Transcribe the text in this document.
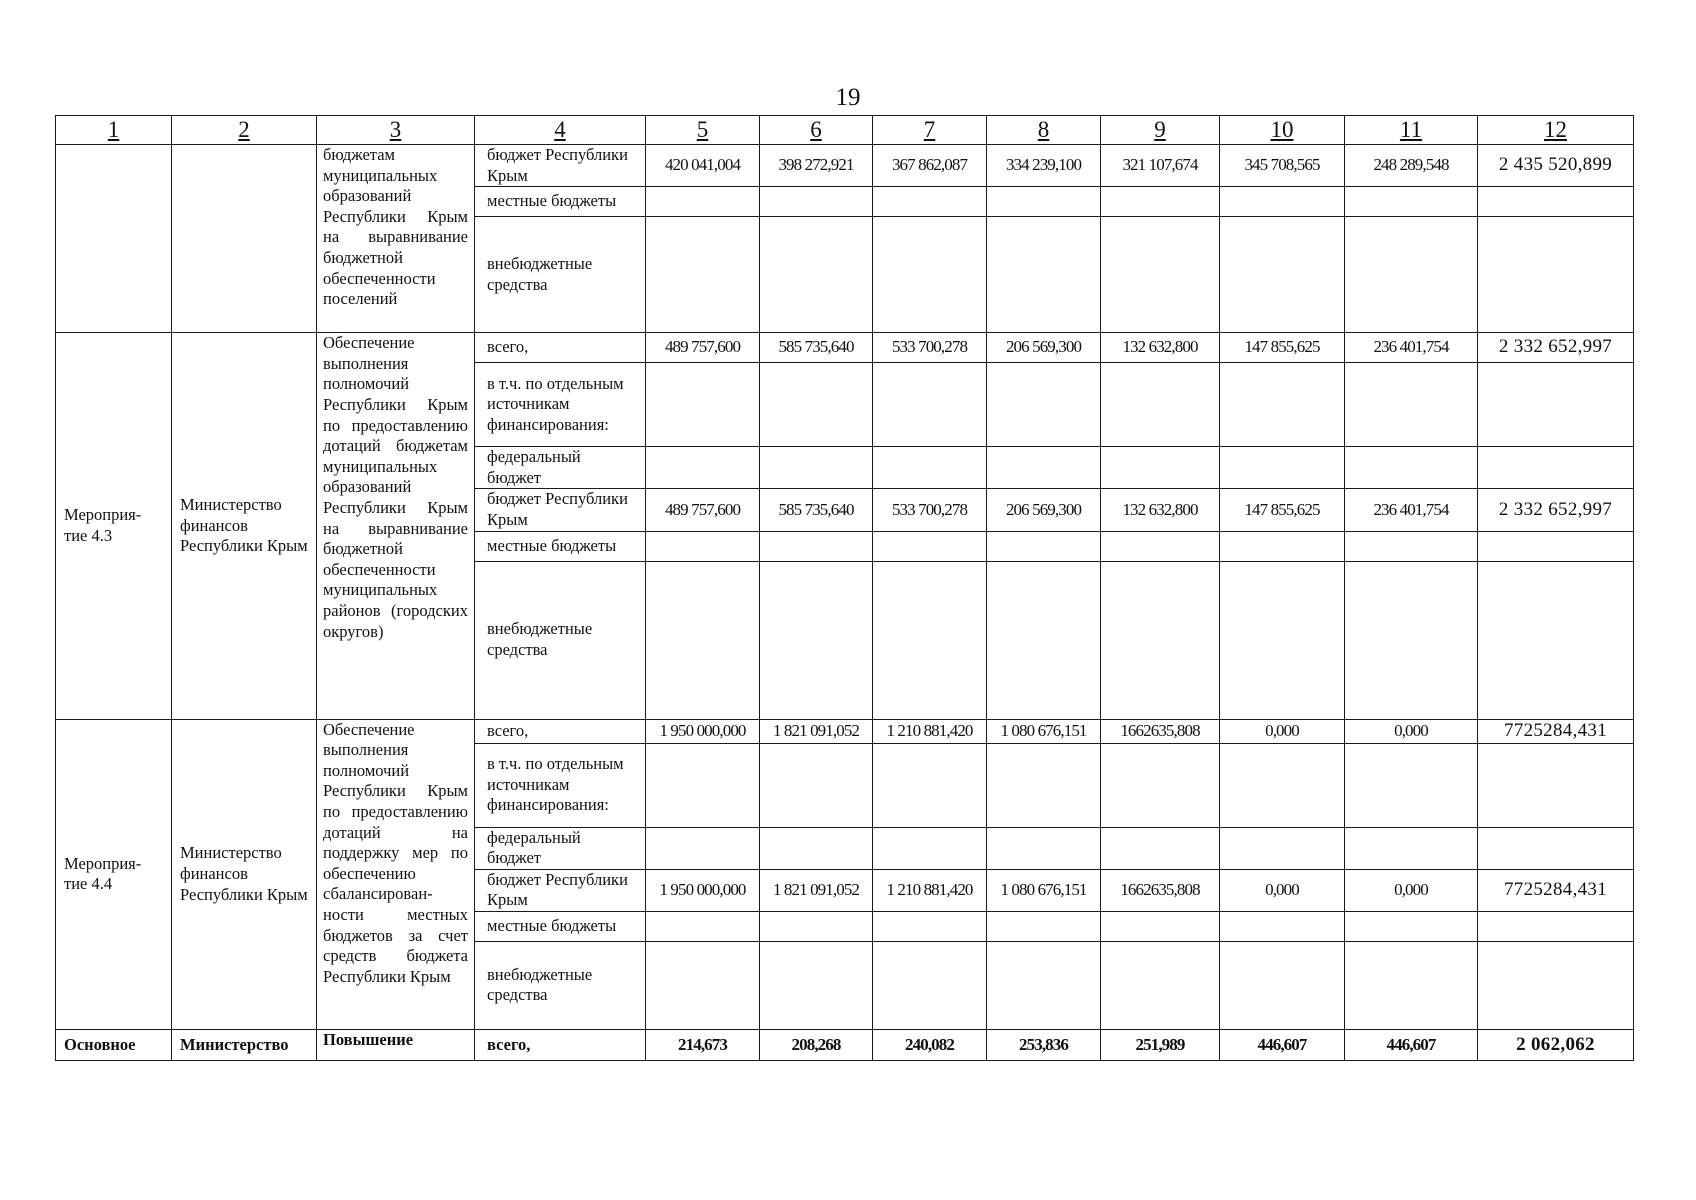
19
1	2	3	4	5	6	7	8	9	10	11	12
		бюджетам муниципальных образований Республики Крым на выравнивание бюджетной обеспеченности поселений	бюджет Республики Крым	420 041,004	398 272,921	367 862,087	334 239,100	321 107,674	345 708,565	248 289,548	2 435 520,899
			местные бюджеты								
			внебюджетные средства								
Мероприя-тие 4.3	Министерство финансов Республики Крым	Обеспечение выполнения полномочий Республики Крым по предоставлению дотаций бюджетам муниципальных образований Республики Крым на выравнивание бюджетной обеспеченности муниципальных районов (городских округов)	всего,	489 757,600	585 735,640	533 700,278	206 569,300	132 632,800	147 855,625	236 401,754	2 332 652,997
			в т.ч. по отдельным источникам финансирования:								
			федеральный бюджет								
			бюджет Республики Крым	489 757,600	585 735,640	533 700,278	206 569,300	132 632,800	147 855,625	236 401,754	2 332 652,997
			местные бюджеты								
			внебюджетные средства								
Мероприя-тие 4.4	Министерство финансов Республики Крым	Обеспечение выполнения полномочий Республики Крым по предоставлению дотаций на поддержку мер по обеспечению сбалансирован-ности местных бюджетов за счет средств бюджета Республики Крым	всего,	1 950 000,000	1 821 091,052	1 210 881,420	1 080 676,151	1662635,808	0,000	0,000	7725284,431
			в т.ч. по отдельным источникам финансирования:								
			федеральный бюджет								
			бюджет Республики Крым	1 950 000,000	1 821 091,052	1 210 881,420	1 080 676,151	1662635,808	0,000	0,000	7725284,431
			местные бюджеты								
			внебюджетные средства								
Основное	Министерство	Повышение	всего,	214,673	208,268	240,082	253,836	251,989	446,607	446,607	2 062,062
